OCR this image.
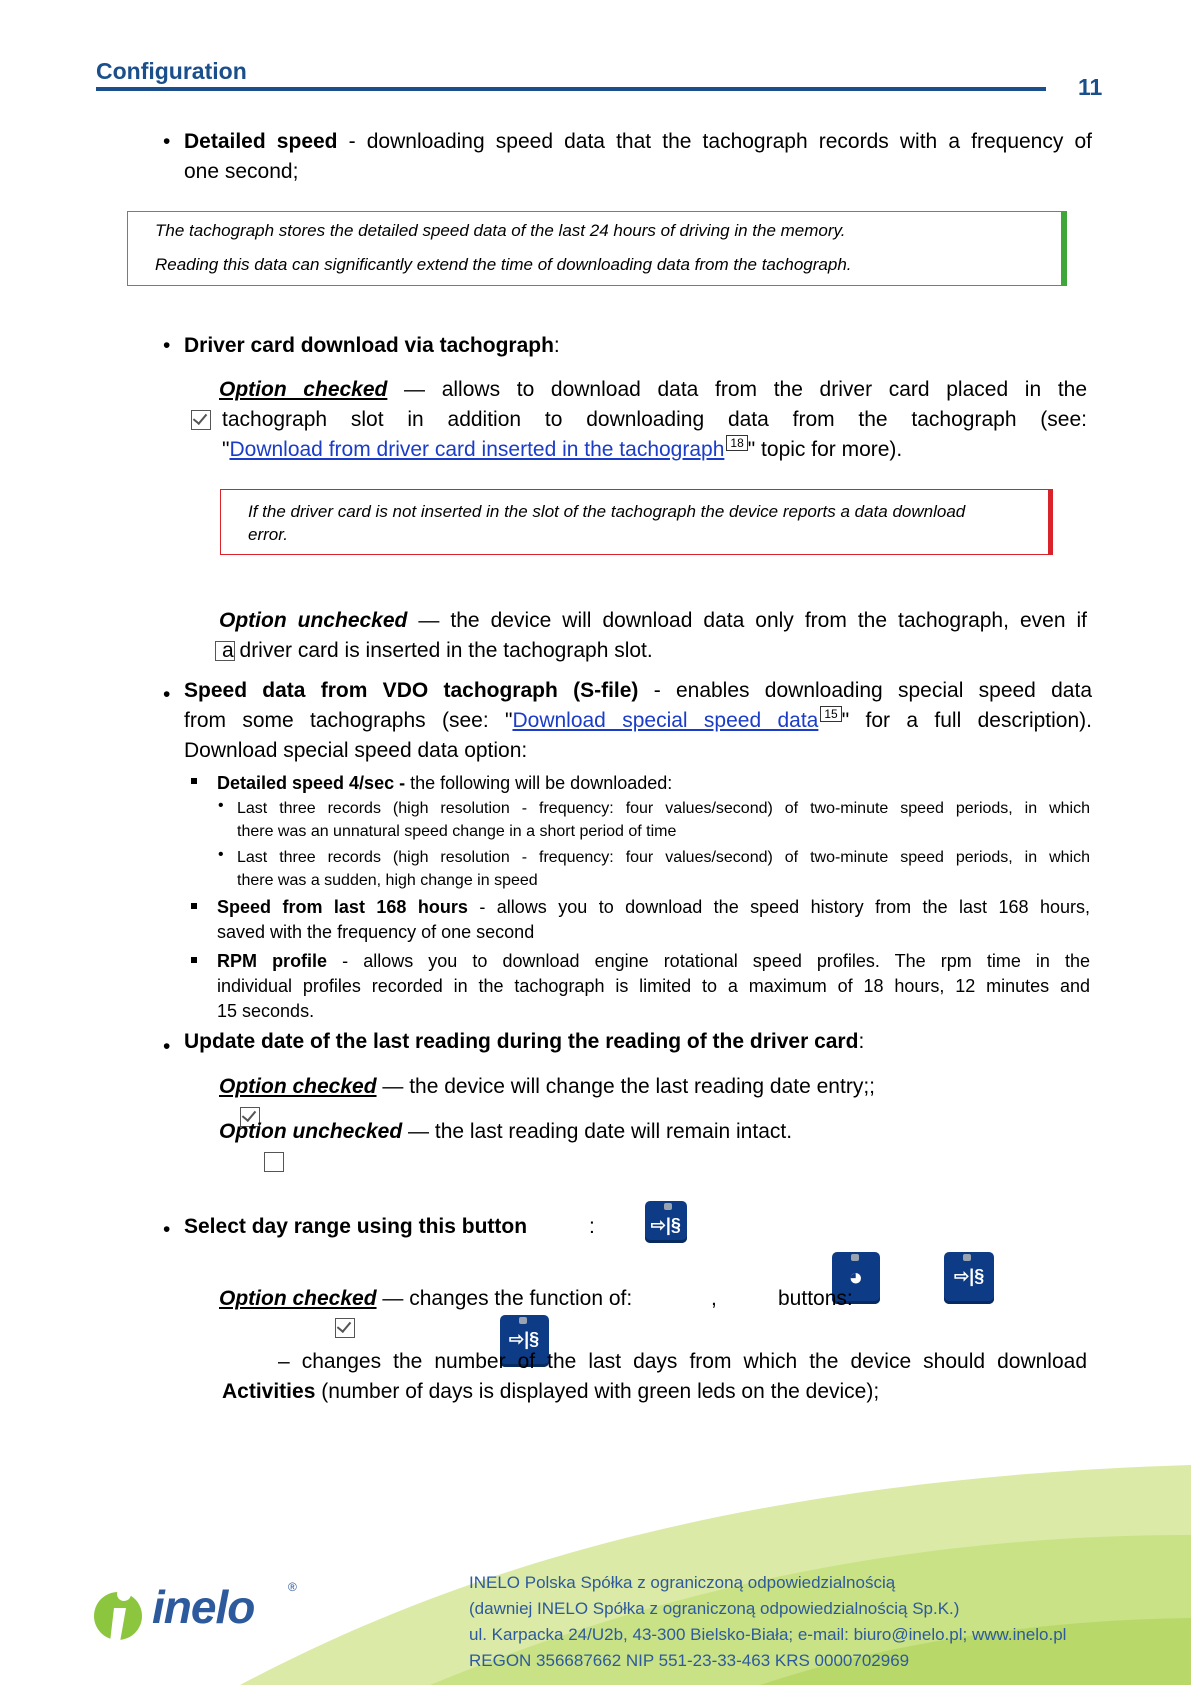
Configuration
11
• Detailed speed - downloading speed data that the tachograph records with a frequency of
one second;
The tachograph stores the detailed speed data of the last 24 hours of driving in the memory.
Reading this data can significantly extend the time of downloading data from the tachograph.
• Driver card download via tachograph:

Option checked — allows to download data from the driver card placed in the
tachograph slot in addition to downloading data from the tachograph (see:
"Download from driver card inserted in the tachograph 18 " topic for more).
If the driver card is not inserted in the slot of the tachograph the device reports a data download
error.

Option unchecked — the device will download data only from the tachograph, even if
a driver card is inserted in the tachograph slot.
• Speed data from VDO tachograph (S-file) - enables downloading special speed data
from some tachographs (see: "Download special speed data 15 " for a full description).
Download special speed data option:
Detailed speed 4/sec - the following will be downloaded:
• Last three records (high resolution - frequency: four values/second) of two-minute speed periods, in which
there was an unnatural speed change in a short period of time
• Last three records (high resolution - frequency: four values/second) of two-minute speed periods, in which
there was a sudden, high change in speed
Speed from last 168 hours - allows you to download the speed history from the last 168 hours,
saved with the frequency of one second
RPM profile - allows you to download engine rotational speed profiles. The rpm time in the
individual profiles recorded in the tachograph is limited to a maximum of 18 hours, 12 minutes and
15 seconds.
• Update date of the last reading during the reading of the driver card:

Option checked — the device will change the last reading date entry;;

Option unchecked — the last reading date will remain intact.
• Select day range using this button	⇨|§

:

Option checked — changes the function of:
◕

,
⇨|§

buttons:
⇨|§
– changes the number of the last days from which the device should download
Activities (number of days is displayed with green leds on the device);
inelo	®	INELO Polska Spółka z ograniczoną odpowiedzialnością
(dawniej INELO Spółka z ograniczoną odpowiedzialnością Sp.K.)
ul. Karpacka 24/U2b, 43-300 Bielsko-Biała; e-mail: biuro@inelo.pl; www.inelo.pl
REGON 356687662 NIP 551-23-33-463 KRS 0000702969
